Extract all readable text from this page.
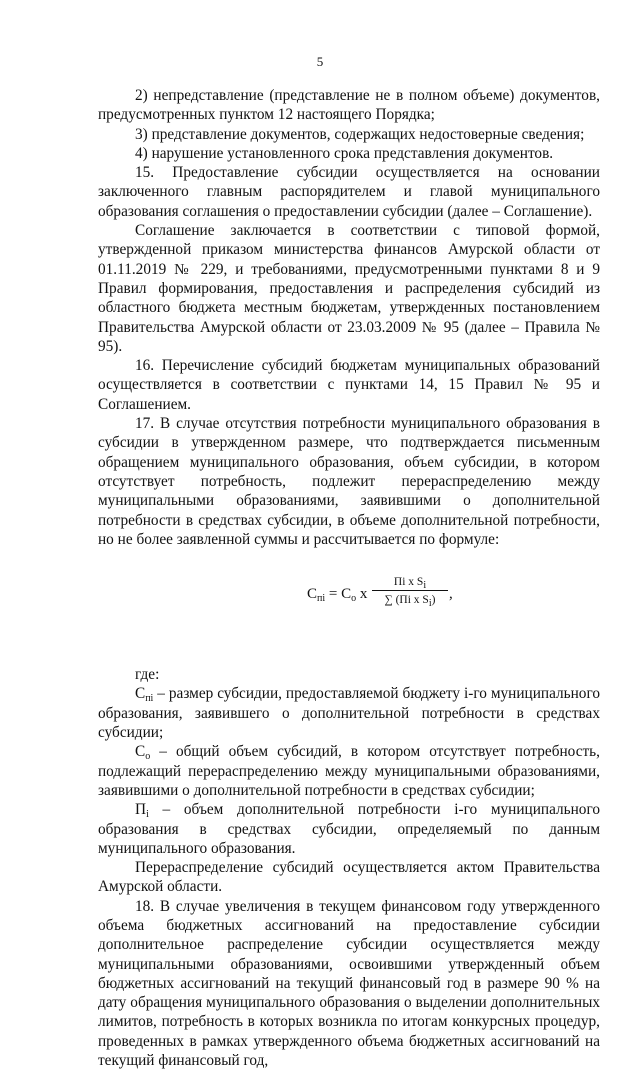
5

2) непредставление (представление не в полном объеме) документов, предусмотренных пунктом 12 настоящего Порядка;

3) представление документов, содержащих недостоверные сведения;

4) нарушение установленного срока представления документов.

15. Предоставление субсидии осуществляется на основании заключенного главным распорядителем и главой муниципального образования соглашения о предоставлении субсидии (далее – Соглашение).

Соглашение заключается в соответствии с типовой формой, утвержденной приказом министерства финансов Амурской области от 01.11.2019 № 229, и требованиями, предусмотренными пунктами 8 и 9 Правил формирования, предоставления и распределения субсидий из областного бюджета местным бюджетам, утвержденных постановлением Правительства Амурской области от 23.03.2009 № 95 (далее – Правила № 95).

16. Перечисление субсидий бюджетам муниципальных образований осуществляется в соответствии с пунктами 14, 15 Правил № 95 и Соглашением.

17. В случае отсутствия потребности муниципального образования в субсидии в утвержденном размере, что подтверждается письменным обращением муниципального образования, объем субсидии, в котором отсутствует потребность, подлежит перераспределению между муниципальными образованиями, заявившими о дополнительной потребности в средствах субсидии, в объеме дополнительной потребности, но не более заявленной суммы и рассчитывается по формуле:

$C_{пi} = C_о$ x
Пi x $S_i$
∑ (Пi x $S_i$) ,

где:

$C_{пi}$ – размер субсидии, предоставляемой бюджету i-го муниципального образования, заявившего о дополнительной потребности в средствах субсидии;

$C_о$ – общий объем субсидий, в котором отсутствует потребность, подлежащий перераспределению между муниципальными образованиями, заявившими о дополнительной потребности в средствах субсидии;

$П_i$ – объем дополнительной потребности i-го муниципального образования в средствах субсидии, определяемый по данным муниципального образования.

Перераспределение субсидий осуществляется актом Правительства Амурской области.

18. В случае увеличения в текущем финансовом году утвержденного объема бюджетных ассигнований на предоставление субсидии дополнительное распределение субсидии осуществляется между муниципальными образованиями, освоившими утвержденный объем бюджетных ассигнований на текущий финансовый год в размере 90 % на дату обращения муниципального образования о выделении дополнительных лимитов, потребность в которых возникла по итогам конкурсных процедур, проведенных в рамках утвержденного объема бюджетных ассигнований на текущий финансовый год,
